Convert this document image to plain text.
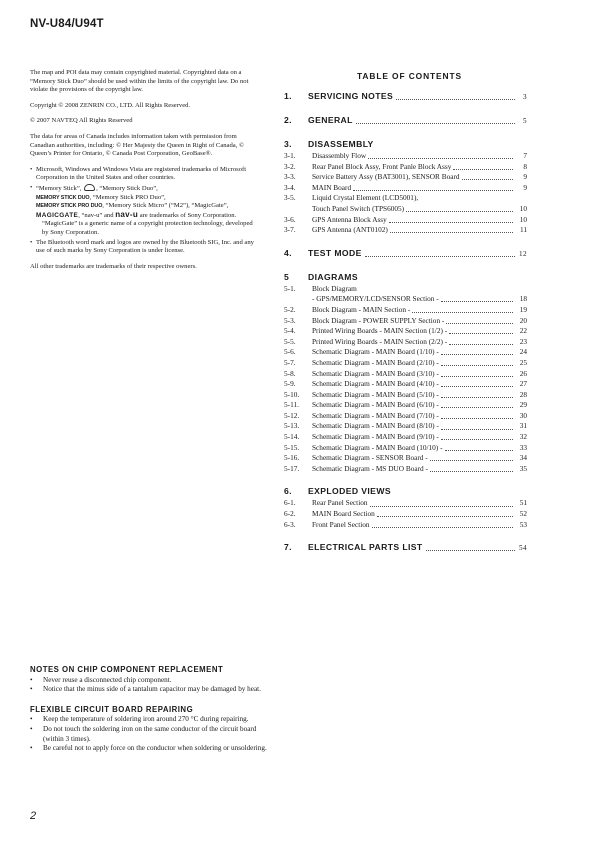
NV-U84/U94T

The map and POI data may contain copyrighted material. Copyrighted data on a “Memory Stick Duo” should be used within the limits of the copyright law. Do not violate the provisions of the copyright law.

Copyright © 2008 ZENRIN CO., LTD. All Rights Reserved.

© 2007 NAVTEQ All Rights Reserved

The data for areas of Canada includes information taken with permission from Canadian authorities, including: © Her Majesty the Queen in Right of Canada, © Queen’s Printer for Ontario, © Canada Post Corporation, GeoBase®.

• Microsoft, Windows and Windows Vista are registered trademarks of Microsoft Corporation in the United States and other countries.
• “Memory Stick”, , “Memory Stick Duo”,
MEMORY STICK DUO, “Memory Stick PRO Duo”,
MEMORY STICK PRO DUO, “Memory Stick Micro” (“M2”), “MagicGate”, MAGICGATE, “nav-u” and nav-u are trademarks of Sony Corporation.
“MagicGate” is a generic name of a copyright protection technology, developed by Sony Corporation.
• The Bluetooth word mark and logos are owned by the Bluetooth SIG, Inc. and any use of such marks by Sony Corporation is under license.

All other trademarks are trademarks of their respective owners.

TABLE OF CONTENTS
1.	SERVICING NOTES	3
2.	GENERAL	5
3.	DISASSEMBLY
3-1.	Disassembly Flow	7
3-2.	Rear Panel Block Assy, Front Panle Block Assy	8
3-3.	Service Battery Assy (BAT3001), SENSOR Board	9
3-4.	MAIN Board	9
3-5.	Liquid Crystal Element (LCD5001),
Touch Panel Switch (TPS6005)	10
3-6.	GPS Antenna Block Assy	10
3-7.	GPS Antenna (ANT0102)	11
4.	TEST MODE	12
5	DIAGRAMS
5-1.	Block Diagram
- GPS/MEMORY/LCD/SENSOR Section -	18
5-2.	Block Diagram - MAIN Section -	19
5-3.	Block Diagram - POWER SUPPLY Section -	20
5-4.	Printed Wiring Boards - MAIN Section (1/2) -	22
5-5.	Printed Wiring Boards - MAIN Section (2/2) -	23
5-6.	Schematic Diagram - MAIN Board (1/10) -	24
5-7.	Schematic Diagram - MAIN Board (2/10) -	25
5-8.	Schematic Diagram - MAIN Board (3/10) -	26
5-9.	Schematic Diagram - MAIN Board (4/10) -	27
5-10.	Schematic Diagram - MAIN Board (5/10) -	28
5-11.	Schematic Diagram - MAIN Board (6/10) -	29
5-12.	Schematic Diagram - MAIN Board (7/10) -	30
5-13.	Schematic Diagram - MAIN Board (8/10) -	31
5-14.	Schematic Diagram - MAIN Board (9/10) -	32
5-15.	Schematic Diagram - MAIN Board (10/10) -	33
5-16.	Schematic Diagram - SENSOR Board -	34
5-17.	Schematic Diagram - MS DUO Board -	35
6.	EXPLODED VIEWS
6-1.	Rear Panel Section	51
6-2.	MAIN Board Section	52
6-3.	Front Panel Section	53
7.	ELECTRICAL PARTS LIST	54
NOTES ON CHIP COMPONENT REPLACEMENT
• Never reuse a disconnected chip component.
• Notice that the minus side of a tantalum capacitor may be damaged by heat.
FLEXIBLE CIRCUIT BOARD REPAIRING
• Keep the temperature of soldering iron around 270 °C during repairing.
• Do not touch the soldering iron on the same conductor of the circuit board (within 3 times).
• Be careful not to apply force on the conductor when soldering or unsoldering.
2
